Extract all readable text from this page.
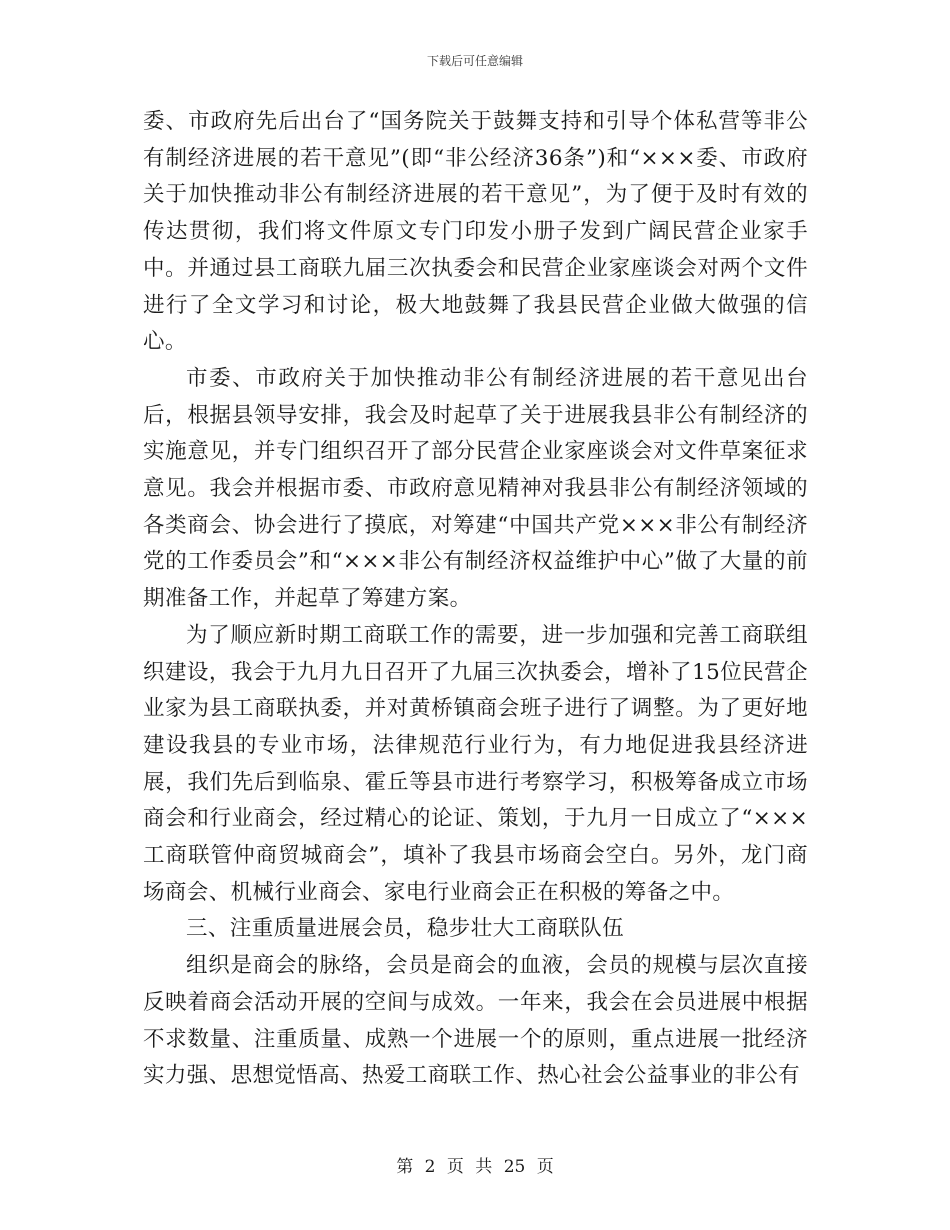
下载后可任意编辑

委、市政府先后出台了“国务院关于鼓舞支持和引导个体私营等非公有制经济进展的若干意见”(即“非公经济36条”)和“×××委、市政府关于加快推动非公有制经济进展的若干意见”，为了便于及时有效的传达贯彻，我们将文件原文专门印发小册子发到广阔民营企业家手中。并通过县工商联九届三次执委会和民营企业家座谈会对两个文件进行了全文学习和讨论，极大地鼓舞了我县民营企业做大做强的信心。

市委、市政府关于加快推动非公有制经济进展的若干意见出台后，根据县领导安排，我会及时起草了关于进展我县非公有制经济的实施意见，并专门组织召开了部分民营企业家座谈会对文件草案征求意见。我会并根据市委、市政府意见精神对我县非公有制经济领域的各类商会、协会进行了摸底，对筹建“中国共产党×××非公有制经济党的工作委员会”和“×××非公有制经济权益维护中心”做了大量的前期准备工作，并起草了筹建方案。

为了顺应新时期工商联工作的需要，进一步加强和完善工商联组织建设，我会于九月九日召开了九届三次执委会，增补了15位民营企业家为县工商联执委，并对黄桥镇商会班子进行了调整。为了更好地建设我县的专业市场，法律规范行业行为，有力地促进我县经济进展，我们先后到临泉、霍丘等县市进行考察学习，积极筹备成立市场商会和行业商会，经过精心的论证、策划，于九月一日成立了“×××工商联管仲商贸城商会”，填补了我县市场商会空白。另外，龙门商场商会、机械行业商会、家电行业商会正在积极的筹备之中。

三、注重质量进展会员，稳步壮大工商联队伍

组织是商会的脉络，会员是商会的血液，会员的规模与层次直接反映着商会活动开展的空间与成效。一年来，我会在会员进展中根据不求数量、注重质量、成熟一个进展一个的原则，重点进展一批经济实力强、思想觉悟高、热爱工商联工作、热心社会公益事业的非公有

第 2 页 共 25 页
